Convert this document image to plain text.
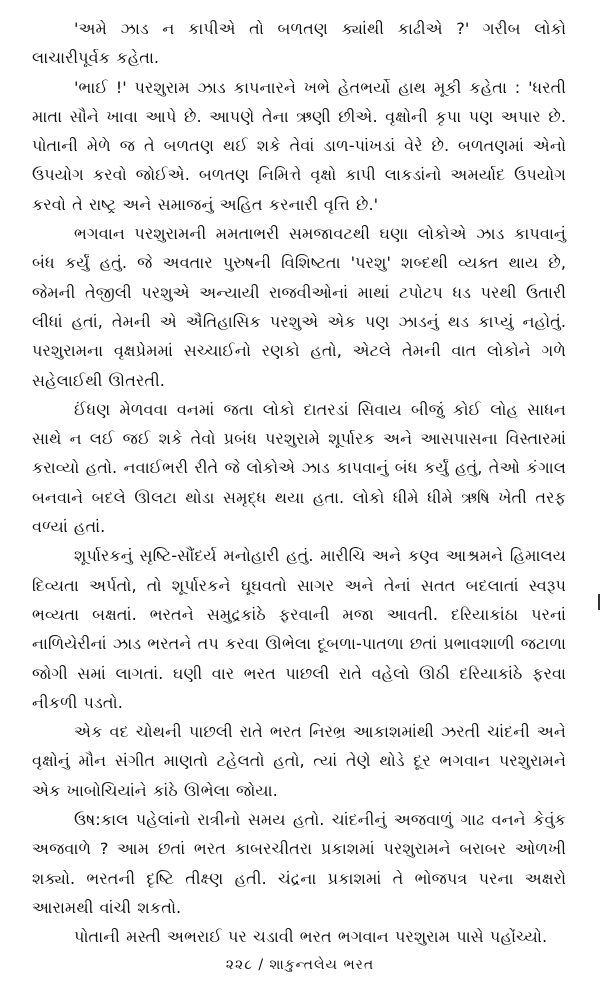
'અમે ઝાડ ન કાપીએ તો બળતણ ક્યાંથી કાઢીએ ?' ગરીબ લોકો લાચારીપૂર્વક કહેતા.

'ભાઈ !' પરશુરામ ઝાડ કાપનારને ખભે હેતભર્યો હાથ મૂકી કહેતા : 'ધરતી માતા સૌને ખાવા આપે છે. આપણે તેના ઋણી છીએ. વૃક્ષોની કૃપા પણ અપાર છે. પોતાની મેળે જ તે બળતણ થઈ શકે તેવાં ડાળ-પાંખડાં વેરે છે. બળતણમાં એનો ઉપયોગ કરવો જોઈએ. બળતણ નિમિત્તે વૃક્ષો કાપી લાકડાંનો અમર્યાદ ઉપયોગ કરવો તે રાષ્ટ્ર અને સમાજનું અહિત કરનારી વૃત્તિ છે.'

ભગવાન પરશુરામની મમતાભરી સમજાવટથી ઘણા લોકોએ ઝાડ કાપવાનું બંધ કર્યું હતું. જે અવતાર પુરુષની વિશિષ્ટતા 'પરશુ' શબ્દથી વ્યક્ત થાય છે, જેમની તેજીલી પરશુએ અન્યાયી રાજવીઓનાં માથાં ટપોટપ ધડ પરથી ઉતારી લીધાં હતાં, તેમની એ ઐતિહાસિક પરશુએ એક પણ ઝાડનું થડ કાપ્યું નહોતું. પરશુરામના વૃક્ષપ્રેમમાં સચ્ચાઈનો રણકો હતો, એટલે તેમની વાત લોકોને ગળે સહેલાઈથી ઊતરતી.

ઈંધણ મેળવવા વનમાં જતા લોકો દાતરડાં સિવાય બીજું કોઈ લોહ સાધન સાથે ન લઈ જઈ શકે તેવો પ્રબંધ પરશુરામે શૂર્પારક અને આસપાસના વિસ્તારમાં કરાવ્યો હતો. નવાઈભરી રીતે જે લોકોએ ઝાડ કાપવાનું બંધ કર્યું હતું, તેઓ કંગાલ બનવાને બદલે ઊલટા થોડા સમૃદ્ધ થયા હતા. લોકો ધીમે ધીમે ઋષિ ખેતી તરફ વળ્યાં હતાં.

શૂર્પારકનું સૃષ્ટિ-સૌંદર્ય મનોહારી હતું. મારીચિ અને કણ્વ આશ્રમને હિમાલય દિવ્યતા અર્પતો, તો શૂર્પારકને ઘૂઘવતો સાગર અને તેનાં સતત બદલાતાં સ્વરૂપ ભવ્યતા બક્ષતાં. ભરતને સમુદ્રકાંઠે ફરવાની મજા આવતી. દરિયાકાંઠા પરનાં નાળિયેરીનાં ઝાડ ભરતને તપ કરવા ઊભેલા દૂબળા-પાતળા છતાં પ્રભાવશાળી જટાળા જોગી સમાં લાગતાં. ઘણી વાર ભરત પાછલી રાતે વહેલો ઊઠી દરિયાકાંઠે ફરવા નીકળી પડતો.

એક વદ ચોથની પાછલી રાતે ભરત નિરભ્ર આકાશમાંથી ઝરતી ચાંદની અને વૃક્ષોનું મૌન સંગીત માણતો ટહેલતો હતો, ત્યાં તેણે થોડે દૂર ભગવાન પરશુરામને એક ખાબોચિયાંને કાંઠે ઊભેલા જોયા.

ઉષ:કાલ પહેલાંનો રાત્રીનો સમય હતો. ચાંદનીનું અજવાળું ગાઢ વનને કેવુંક અજવાળે ? આમ છતાં ભરત કાબરચીતરા પ્રકાશમાં પરશુરામને બરાબર ઓળખી શક્યો. ભરતની દૃષ્ટિ તીક્ષ્ણ હતી. ચંદ્રના પ્રકાશમાં તે ભોજપત્ર પરના અક્ષરો આરામથી વાંચી શકતો.

પોતાની મસ્તી અભરાઈ પર ચડાવી ભરત ભગવાન પરશુરામ પાસે પહોંચ્યો.

૨૨૮ / શાકુન્તલેય ભરત
